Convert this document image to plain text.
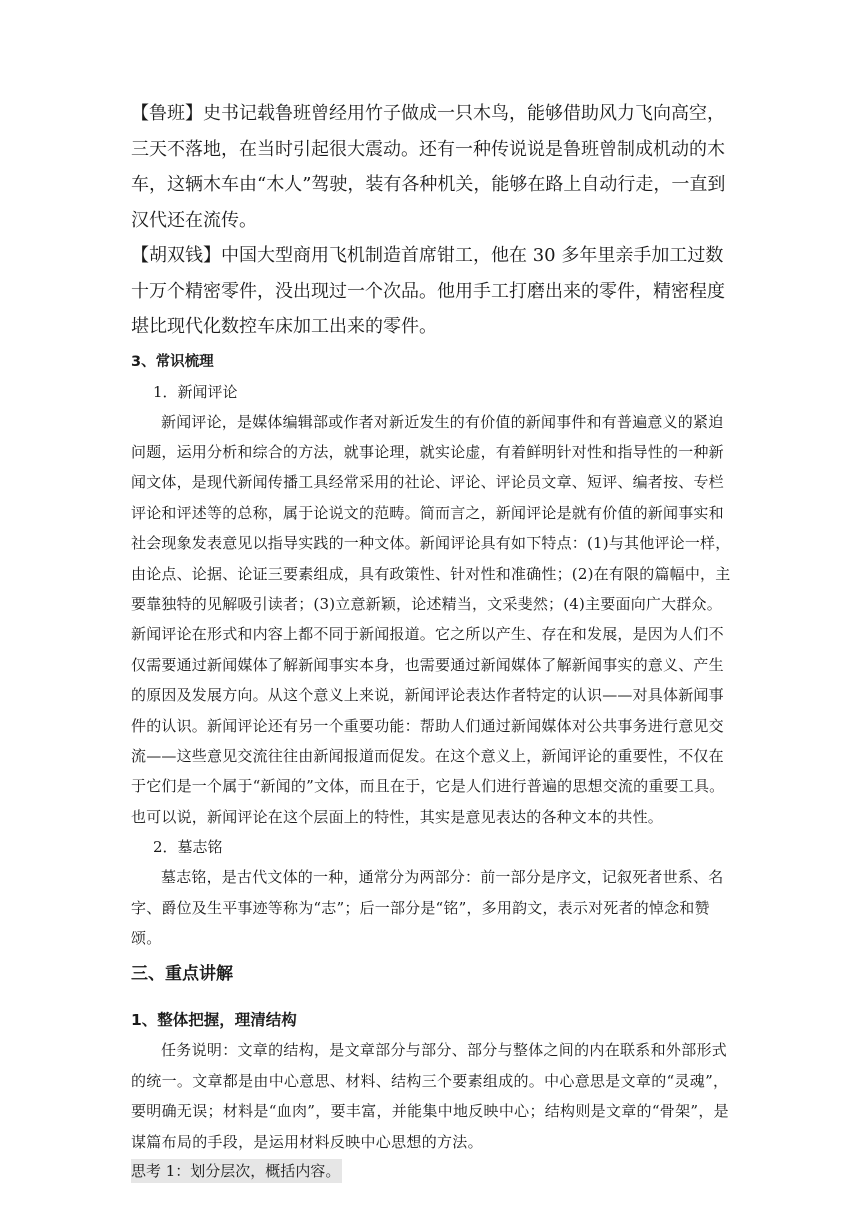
【鲁班】史书记载鲁班曾经用竹子做成一只木鸟，能够借助风力飞向高空，三天不落地，在当时引起很大震动。还有一种传说说是鲁班曾制成机动的木车，这辆木车由“木人”驾驶，装有各种机关，能够在路上自动行走，一直到汉代还在流传。

【胡双钱】中国大型商用飞机制造首席钳工，他在 30 多年里亲手加工过数十万个精密零件，没出现过一个次品。他用手工打磨出来的零件，精密程度堪比现代化数控车床加工出来的零件。

3、常识梳理
1．新闻评论

新闻评论，是媒体编辑部或作者对新近发生的有价值的新闻事件和有普遍意义的紧迫问题，运用分析和综合的方法，就事论理，就实论虚，有着鲜明针对性和指导性的一种新闻文体，是现代新闻传播工具经常采用的社论、评论、评论员文章、短评、编者按、专栏评论和评述等的总称，属于论说文的范畴。简而言之，新闻评论是就有价值的新闻事实和社会现象发表意见以指导实践的一种文体。新闻评论具有如下特点：(1)与其他评论一样，由论点、论据、论证三要素组成，具有政策性、针对性和准确性；(2)在有限的篇幅中，主要靠独特的见解吸引读者；(3)立意新颖，论述精当，文采斐然；(4)主要面向广大群众。新闻评论在形式和内容上都不同于新闻报道。它之所以产生、存在和发展，是因为人们不仅需要通过新闻媒体了解新闻事实本身，也需要通过新闻媒体了解新闻事实的意义、产生的原因及发展方向。从这个意义上来说，新闻评论表达作者特定的认识——对具体新闻事件的认识。新闻评论还有另一个重要功能：帮助人们通过新闻媒体对公共事务进行意见交流——这些意见交流往往由新闻报道而促发。在这个意义上，新闻评论的重要性，不仅在于它们是一个属于“新闻的”文体，而且在于，它是人们进行普遍的思想交流的重要工具。也可以说，新闻评论在这个层面上的特性，其实是意见表达的各种文本的共性。

2．墓志铭

墓志铭，是古代文体的一种，通常分为两部分：前一部分是序文，记叙死者世系、名字、爵位及生平事迹等称为“志”；后一部分是“铭”，多用韵文，表示对死者的悼念和赞颂。

三、重点讲解
1、整体把握，理清结构

任务说明：文章的结构，是文章部分与部分、部分与整体之间的内在联系和外部形式的统一。文章都是由中心意思、材料、结构三个要素组成的。中心意思是文章的“灵魂”，要明确无误；材料是“血肉”，要丰富，并能集中地反映中心；结构则是文章的“骨架”，是谋篇布局的手段，是运用材料反映中心思想的方法。

思考 1：划分层次，概括内容。
